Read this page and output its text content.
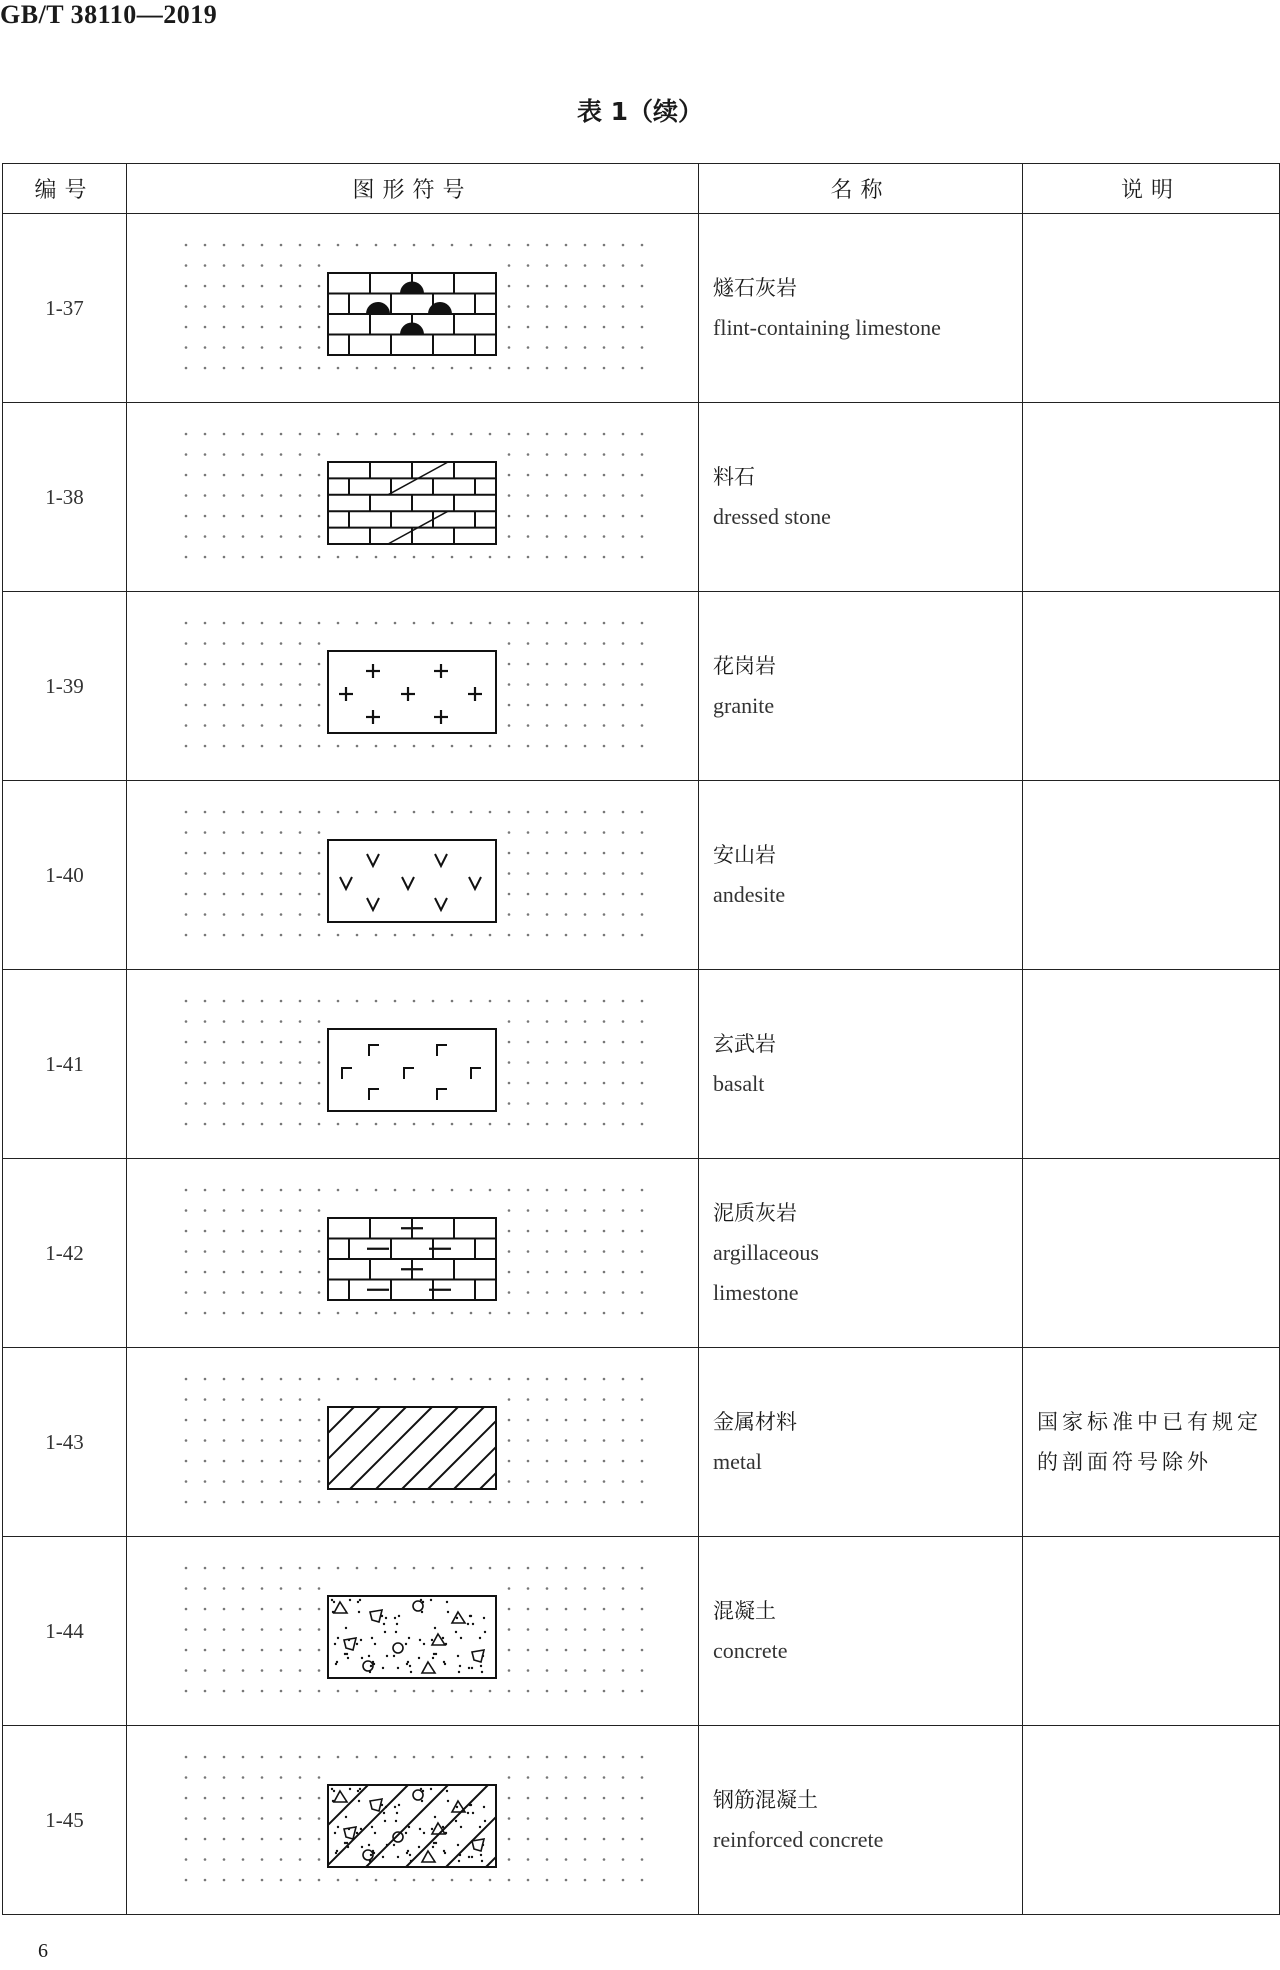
GB/T 38110—2019
表 1（续）
编号	图形符号	名称	说明
1-37		燧石灰岩
flint-containing limestone	

1-38		料石
dressed stone	

1-39		花岗岩
granite	

1-40		安山岩
andesite	

1-41		玄武岩
basalt	

1-42		泥质灰岩
argillaceous
limestone	

1-43		金属材料
metal	国家标准中已有规定的剖面符号除外
1-44		混凝土
concrete	

1-45		钢筋混凝土
reinforced concrete	

6
